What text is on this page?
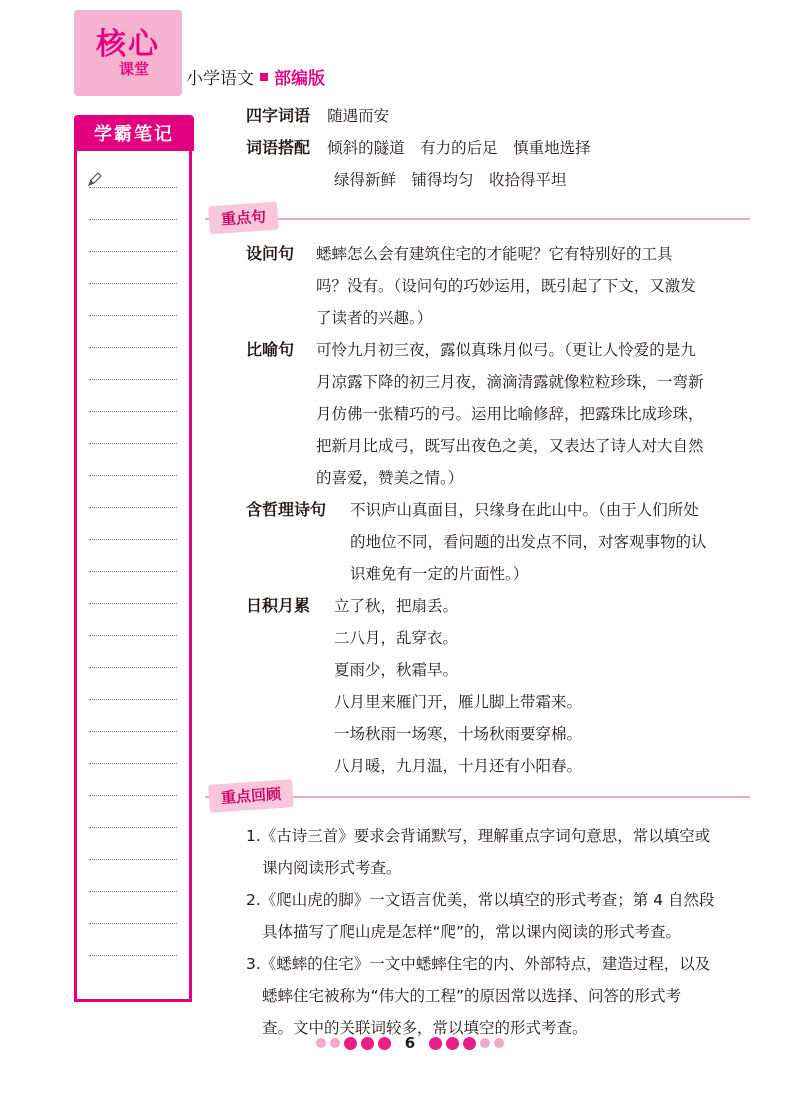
核心
课堂 小学语文 部编版
学霸笔记
四字词语 随遇而安
词语搭配 倾斜的隧道　有力的后足　慎重地选择
绿得新鲜　铺得均匀　收拾得平坦
重点句
设问句 蟋蟀怎么会有建筑住宅的才能呢？它有特别好的工具
吗？没有。（设问句的巧妙运用，既引起了下文，又激发
了读者的兴趣。）
比喻句 可怜九月初三夜，露似真珠月似弓。（更让人怜爱的是九
月凉露下降的初三月夜，滴滴清露就像粒粒珍珠，一弯新
月仿佛一张精巧的弓。运用比喻修辞，把露珠比成珍珠，
把新月比成弓，既写出夜色之美，又表达了诗人对大自然
的喜爱，赞美之情。）
含哲理诗句 不识庐山真面目，只缘身在此山中。（由于人们所处
的地位不同，看问题的出发点不同，对客观事物的认
识难免有一定的片面性。）
日积月累 立了秋，把扇丢。
二八月，乱穿衣。
夏雨少，秋霜早。
八月里来雁门开，雁儿脚上带霜来。
一场秋雨一场寒，十场秋雨要穿棉。
八月暖，九月温，十月还有小阳春。
重点回顾
1.《古诗三首》要求会背诵默写，理解重点字词句意思，常以填空或
课内阅读形式考查。
2.《爬山虎的脚》一文语言优美，常以填空的形式考查；第 4 自然段
具体描写了爬山虎是怎样“爬”的，常以课内阅读的形式考查。
3.《蟋蟀的住宅》一文中蟋蟀住宅的内、外部特点，建造过程，以及
蟋蟀住宅被称为“伟大的工程”的原因常以选择、问答的形式考
查。文中的关联词较多，常以填空的形式考查。
6
